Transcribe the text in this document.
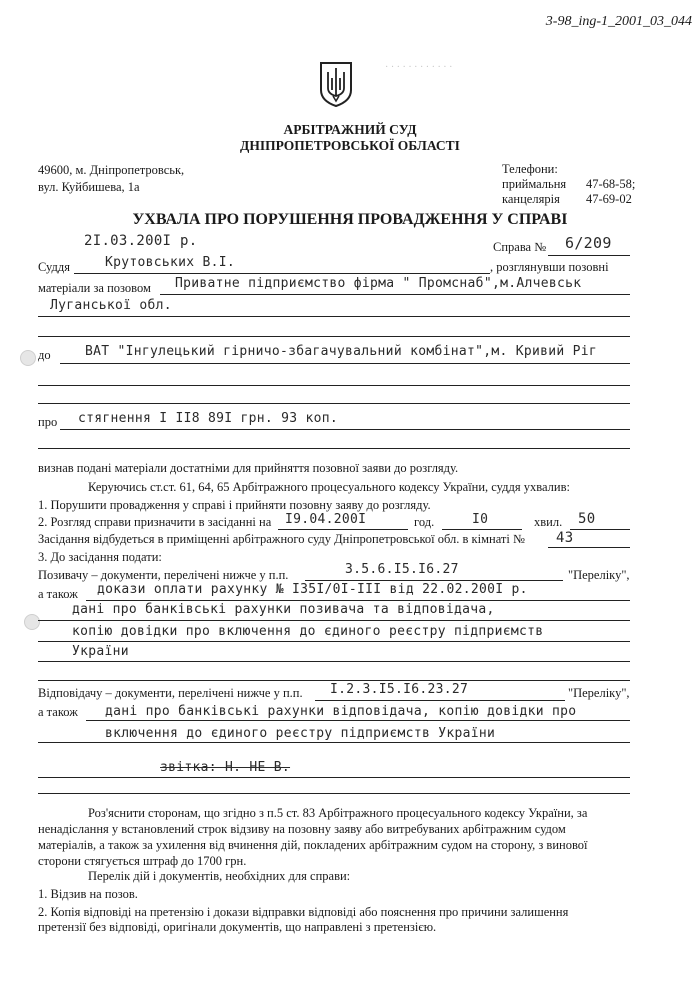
· · · · · · · · · · · ·
3-98_ing-1_2001_03_044
АРБІТРАЖНИЙ СУД
ДНІПРОПЕТРОВСЬКОЇ ОБЛАСТІ
49600, м. Дніпропетровськ,
вул. Куйбишева, 1а
Телефони:
приймальня 47-68-58;
канцелярія 47-69-02
УХВАЛА ПРО ПОРУШЕННЯ ПРОВАДЖЕННЯ У СПРАВІ
2I.03.200I р.	Справа № 6/209
Суддя	Крутовських В.І.	, розглянувши позовні
матеріали за позовом Приватне підприємство фірма " Промснаб",м.Алчевськ
Луганської обл.
до	ВАТ "Інгулецький гірничо-збагачувальний комбінат",м. Кривий Ріг
про стягнення I II8 89I грн. 93 коп.
визнав подані матеріали достатніми для прийняття позовної заяви до розгляду.
Керуючись ст.ст. 61, 64, 65 Арбітражного процесуального кодексу України, суддя ухвалив:
1. Порушити провадження у справі і прийняти позовну заяву до розгляду.
2. Розгляд справи призначити в засіданні на I9.04.200I	год.	I0	хвил. 50
Засідання відбудеться в приміщенні арбітражного суду Дніпропетровської обл. в кімнаті № 43
3. До засідання подати:
Позивачу – документи, перелічені нижче у п.п.	3.5.6.I5.I6.27	"Переліку",
а також докази оплати рахунку № I35I/0I-III від 22.02.200I р.
дані про банківські рахунки позивача та відповідача,
копію довідки про включення до єдиного реєстру підприємств
України
Відповідачу – документи, перелічені нижче у п.п. I.2.3.I5.I6.23.27	"Переліку",
а також дані про банківські рахунки відповідача, копію довідки про
включення до єдиного реєстру підприємств України
звітка: Н. НЕ В.
Роз'яснити сторонам, що згідно з п.5 ст. 83 Арбітражного процесуального кодексу України, за
ненадіслання у встановлений строк відзиву на позовну заяву або витребуваних арбітражним судом
матеріалів, а також за ухилення від вчинення дій, покладених арбітражним судом на сторону, з винової
сторони стягується штраф до 1700 грн.
Перелік дій і документів, необхідних для справи:
1. Відзив на позов.
2. Копія відповіді на претензію і докази відправки відповіді або пояснення про причини залишення
претензії без відповіді, оригінали документів, що направлені з претензією.
